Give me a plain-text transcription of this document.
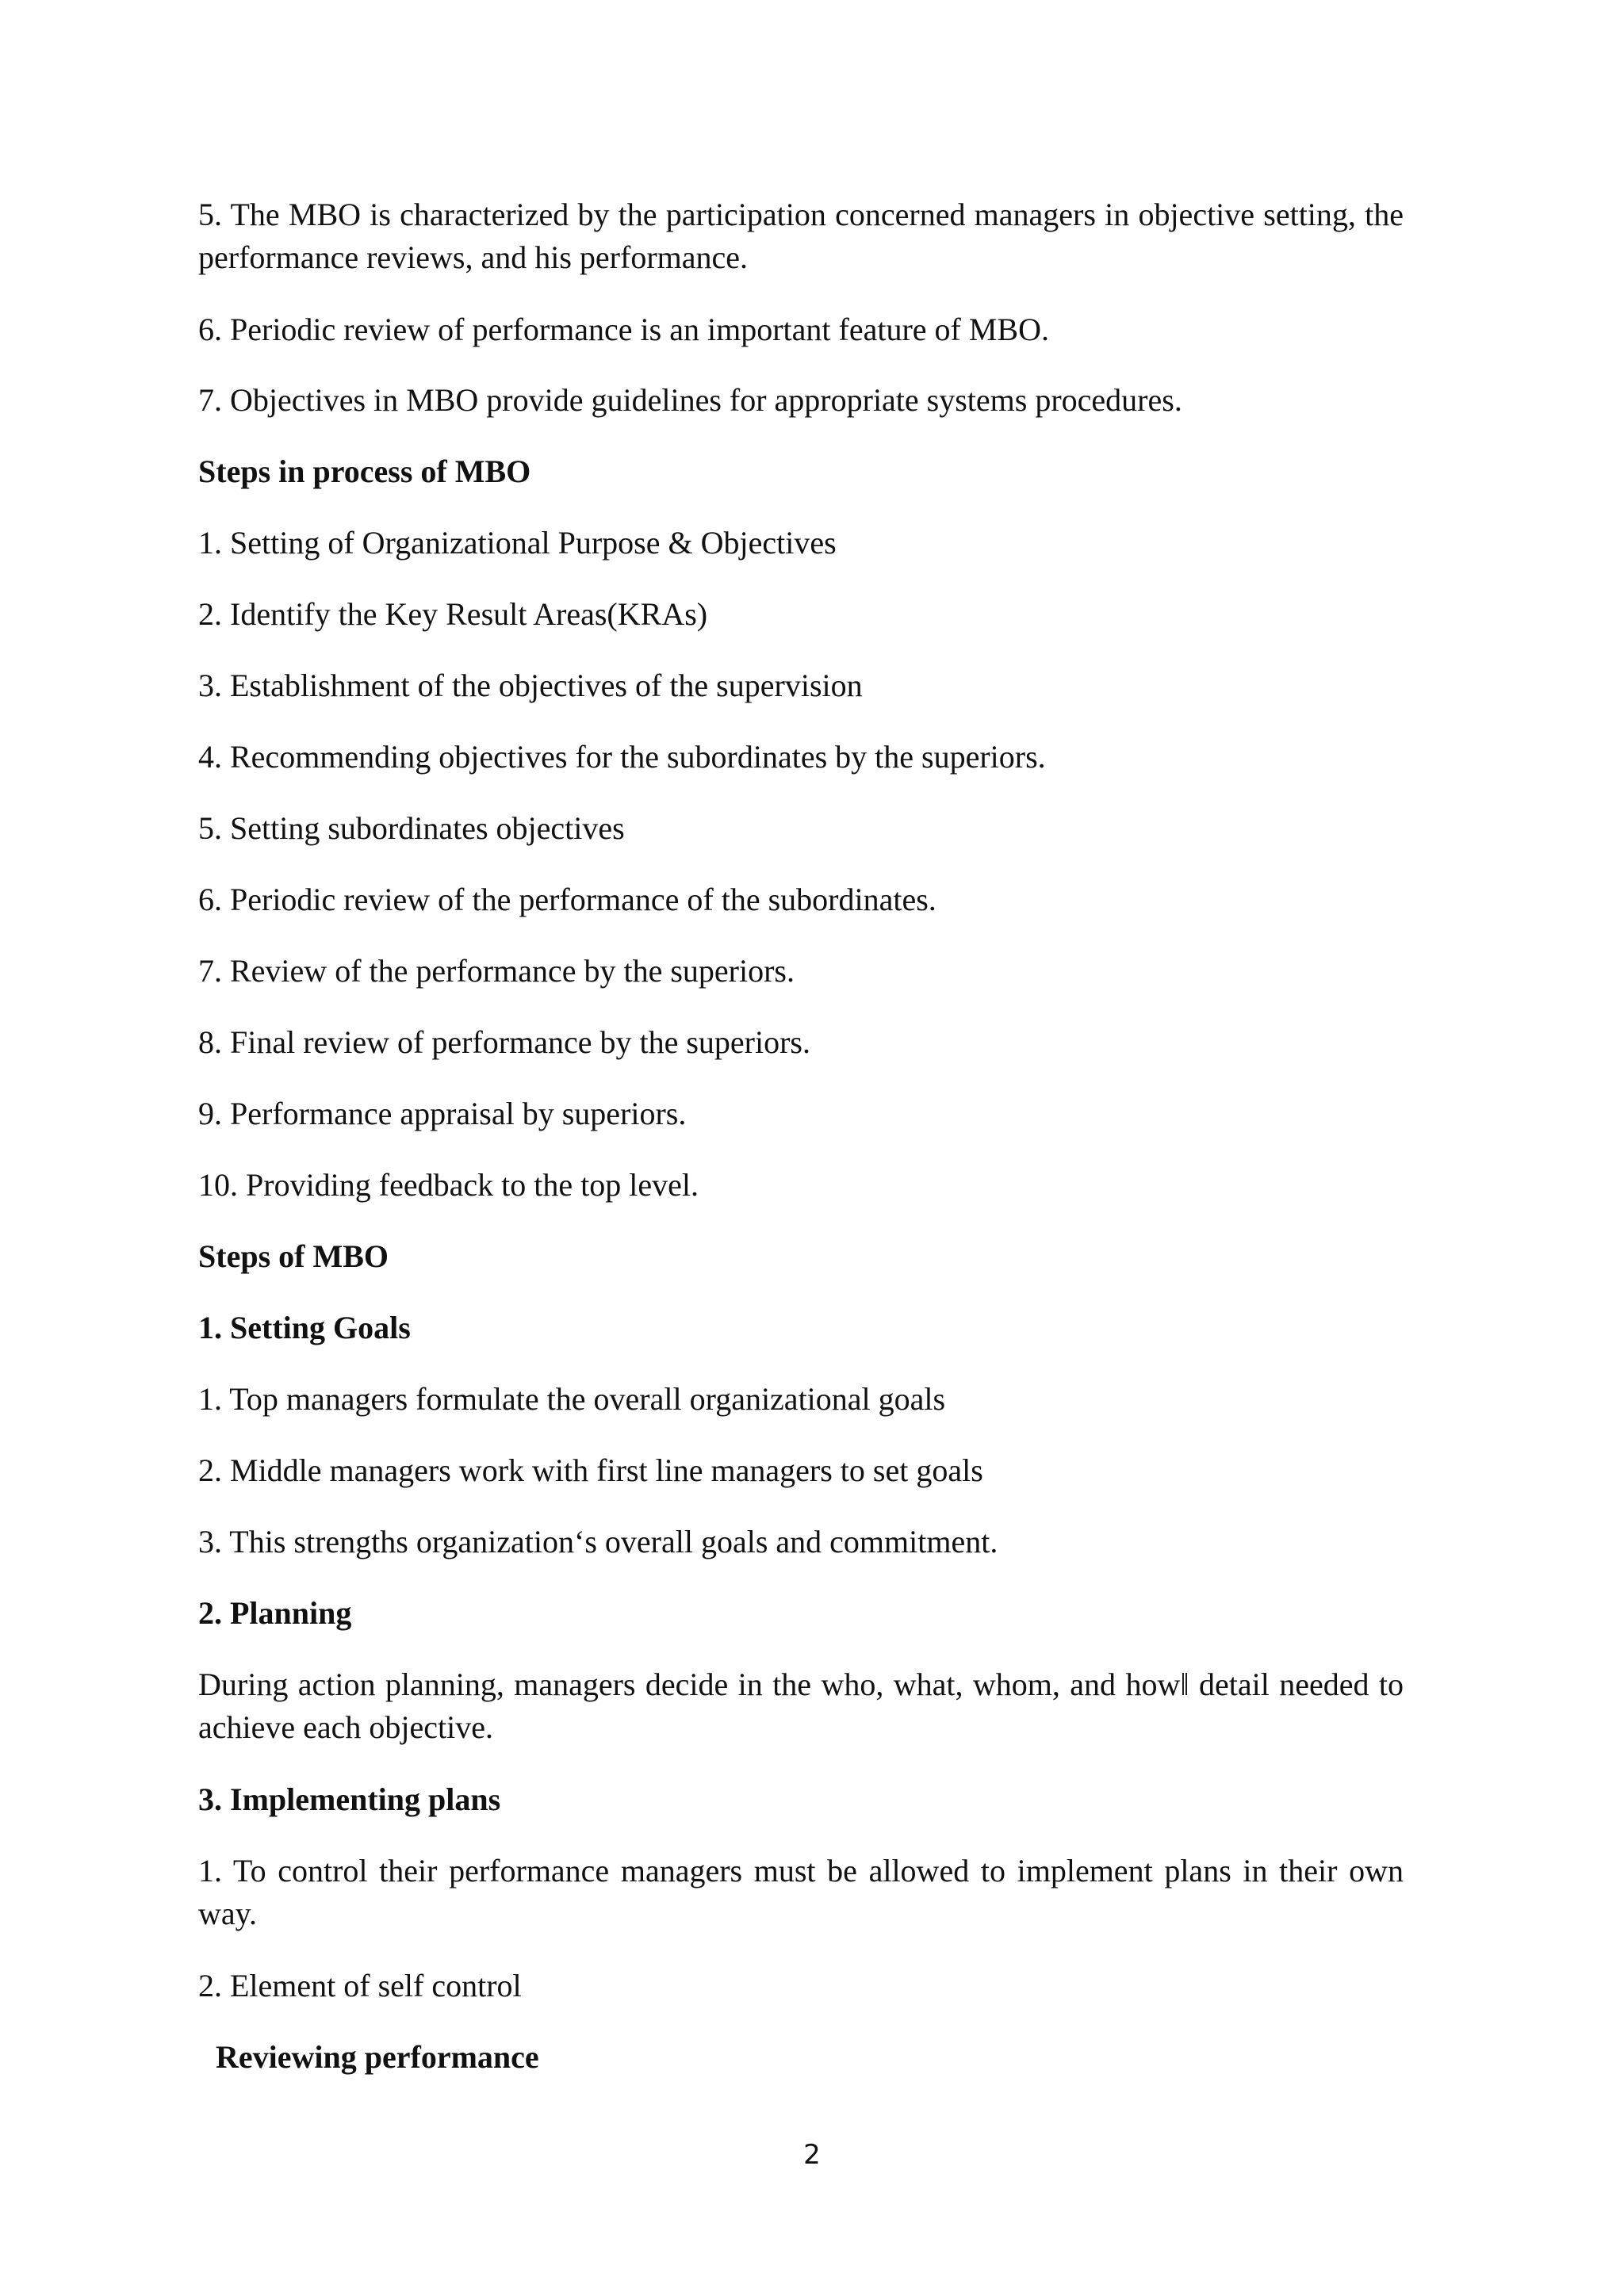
5. The MBO is characterized by the participation concerned managers in objective setting, the performance reviews, and his performance.

6. Periodic review of performance is an important feature of MBO.

7. Objectives in MBO provide guidelines for appropriate systems procedures.

Steps in process of MBO

1. Setting of Organizational Purpose & Objectives

2. Identify the Key Result Areas(KRAs)

3. Establishment of the objectives of the supervision

4. Recommending objectives for the subordinates by the superiors.

5. Setting subordinates objectives

6. Periodic review of the performance of the subordinates.

7. Review of the performance by the superiors.

8. Final review of performance by the superiors.

9. Performance appraisal by superiors.

10. Providing feedback to the top level.

Steps of MBO

1. Setting Goals

1. Top managers formulate the overall organizational goals

2. Middle managers work with first line managers to set goals

3. This strengths organization‘s overall goals and commitment.

2. Planning

During action planning, managers decide in the who, what, whom, and how‖ detail needed to achieve each objective.

3. Implementing plans

1. To control their performance managers must be allowed to implement plans in their own way.

2. Element of self control

Reviewing performance

2
